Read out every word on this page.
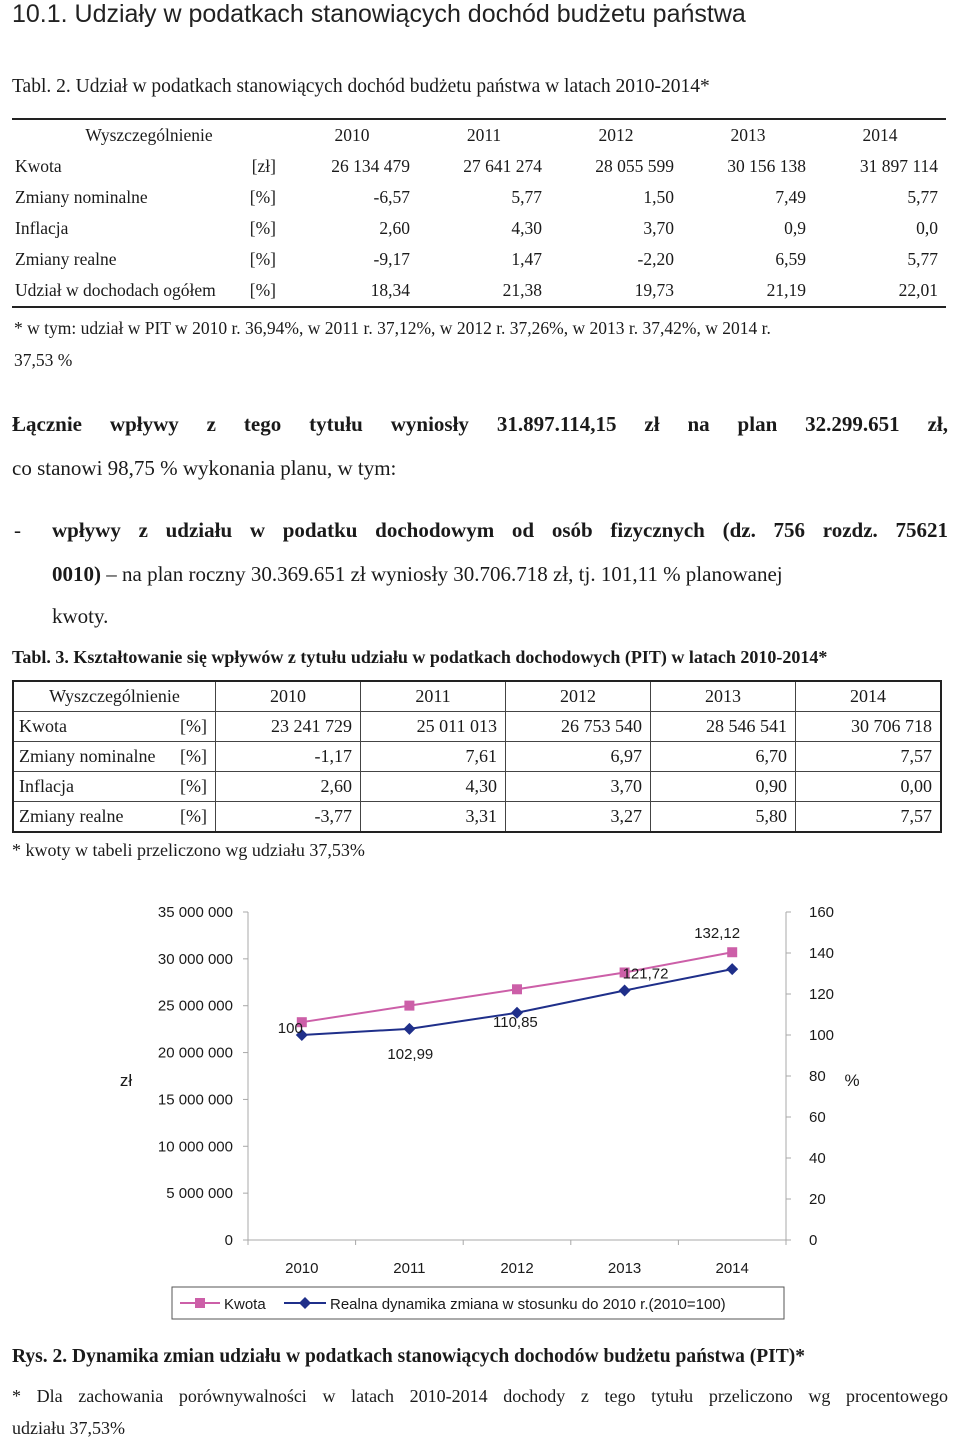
10.1. Udziały w podatkach stanowiących dochód budżetu państwa
Tabl. 2. Udział w podatkach stanowiących dochód budżetu państwa w latach 2010-2014*
Wyszczególnienie		2010	2011	2012	2013	2014
Kwota	[zł]	26 134 479	27 641 274	28 055 599	30 156 138	31 897 114
Zmiany nominalne	[%]	-6,57	5,77	1,50	7,49	5,77
Inflacja	[%]	2,60	4,30	3,70	0,9	0,0
Zmiany realne	[%]	-9,17	1,47	-2,20	6,59	5,77
Udział w dochodach ogółem	[%]	18,34	21,38	19,73	21,19	22,01
* w tym: udział w PIT w 2010 r. 36,94%, w 2011 r. 37,12%, w 2012 r. 37,26%, w 2013 r. 37,42%, w 2014 r.
37,53 %
Łącznie wpływy z tego tytułu wyniosły 31.897.114,15 zł na plan 32.299.651 zł,
co stanowi 98,75 % wykonania planu, w tym:
- wpływy z udziału w podatku dochodowym od osób fizycznych (dz. 756 rozdz. 75621
0010) – na plan roczny 30.369.651 zł wyniosły 30.706.718 zł, tj. 101,11 % planowanej
kwoty.
Tabl. 3. Kształtowanie się wpływów z tytułu udziału w podatkach dochodowych (PIT) w latach 2010-2014*
Wyszczególnienie		2010	2011	2012	2013	2014
Kwota	[%]	23 241 729	25 011 013	26 753 540	28 546 541	30 706 718
Zmiany nominalne	[%]	-1,17	7,61	6,97	6,70	7,57
Inflacja	[%]	2,60	4,30	3,70	0,90	0,00
Zmiany realne	[%]	-3,77	3,31	3,27	5,80	7,57
* kwoty w tabeli przeliczono wg udziału 37,53%
0
5 000 000
10 000 000
15 000 000
20 000 000
25 000 000
30 000 000
35 000 000
0
20
40
60
80
100
120
140
160
2010	2011	2012	2013	2014
zł	%
100
102,99
110,85
121,72
132,12
Kwota	Realna dynamika zmiana w stosunku do 2010 r.(2010=100)
Rys. 2. Dynamika zmian udziału w podatkach stanowiących dochodów budżetu państwa (PIT)*
* Dla zachowania porównywalności w latach 2010-2014 dochody z tego tytułu przeliczono wg procentowego
udziału 37,53%
